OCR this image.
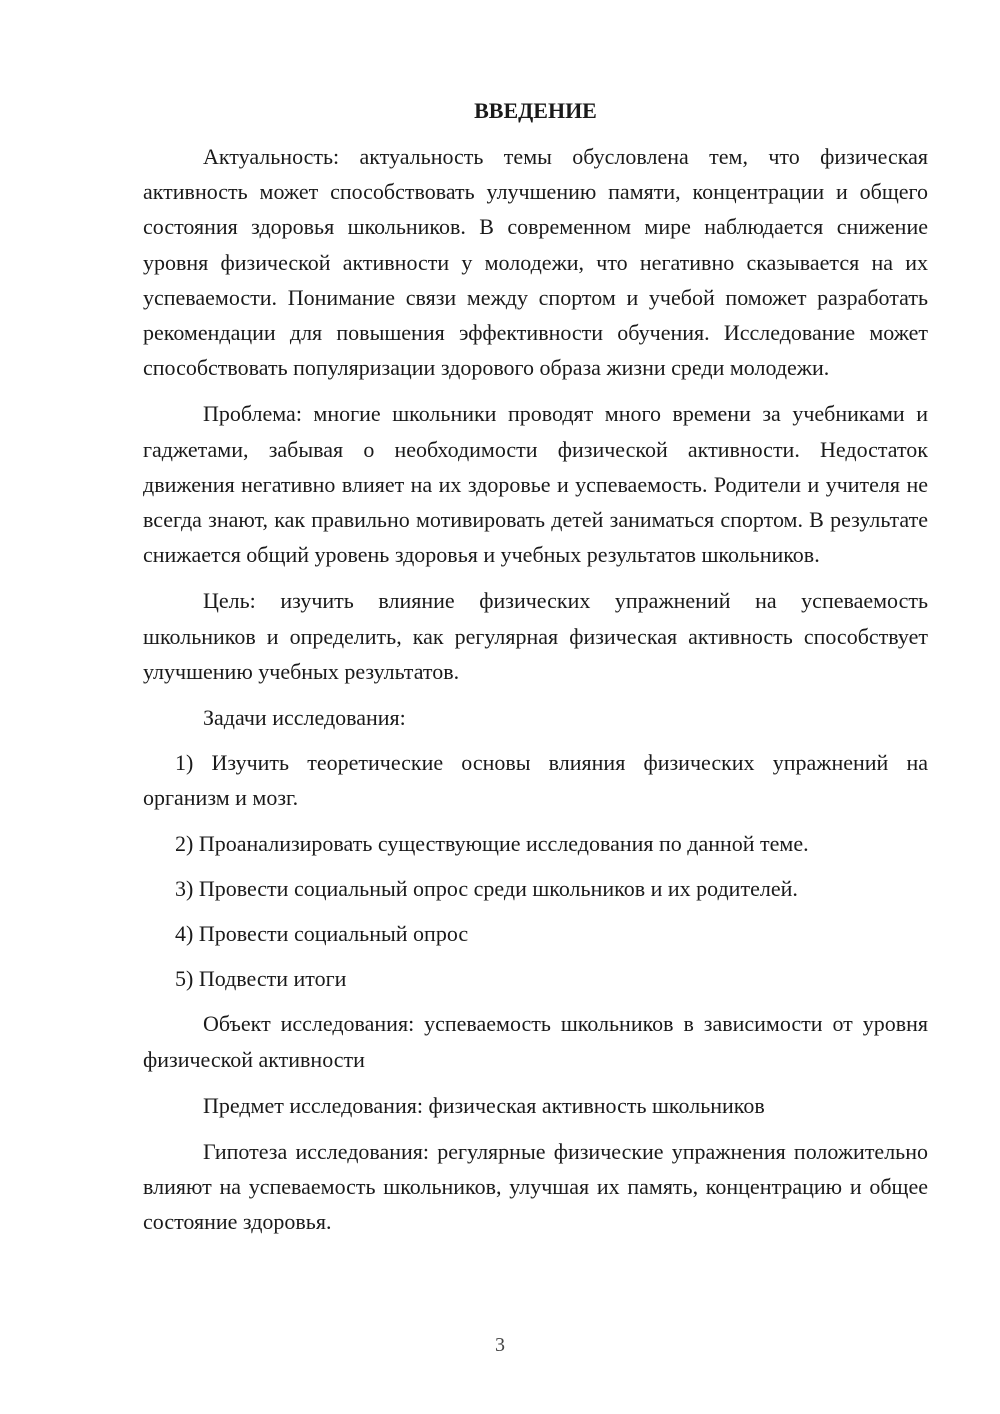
ВВЕДЕНИЕ

Актуальность: актуальность темы обусловлена тем, что физическая активность может способствовать улучшению памяти, концентрации и общего состояния здоровья школьников. В современном мире наблюдается снижение уровня физической активности у молодежи, что негативно сказывается на их успеваемости. Понимание связи между спортом и учебой поможет разработать рекомендации для повышения эффективности обучения. Исследование может способствовать популяризации здорового образа жизни среди молодежи.

Проблема: многие школьники проводят много времени за учебниками и гаджетами, забывая о необходимости физической активности. Недостаток движения негативно влияет на их здоровье и успеваемость. Родители и учителя не всегда знают, как правильно мотивировать детей заниматься спортом. В результате снижается общий уровень здоровья и учебных результатов школьников.

Цель: изучить влияние физических упражнений на успеваемость школьников и определить, как регулярная физическая активность способствует улучшению учебных результатов.

Задачи исследования:

1) Изучить теоретические основы влияния физических упражнений на организм и мозг.

2) Проанализировать существующие исследования по данной теме.

3) Провести социальный опрос среди школьников и их родителей.

4) Провести социальный опрос

5) Подвести итоги

Объект исследования: успеваемость школьников в зависимости от уровня физической активности

Предмет исследования: физическая активность школьников

Гипотеза исследования: регулярные физические упражнения положительно влияют на успеваемость школьников, улучшая их память, концентрацию и общее состояние здоровья.

3
